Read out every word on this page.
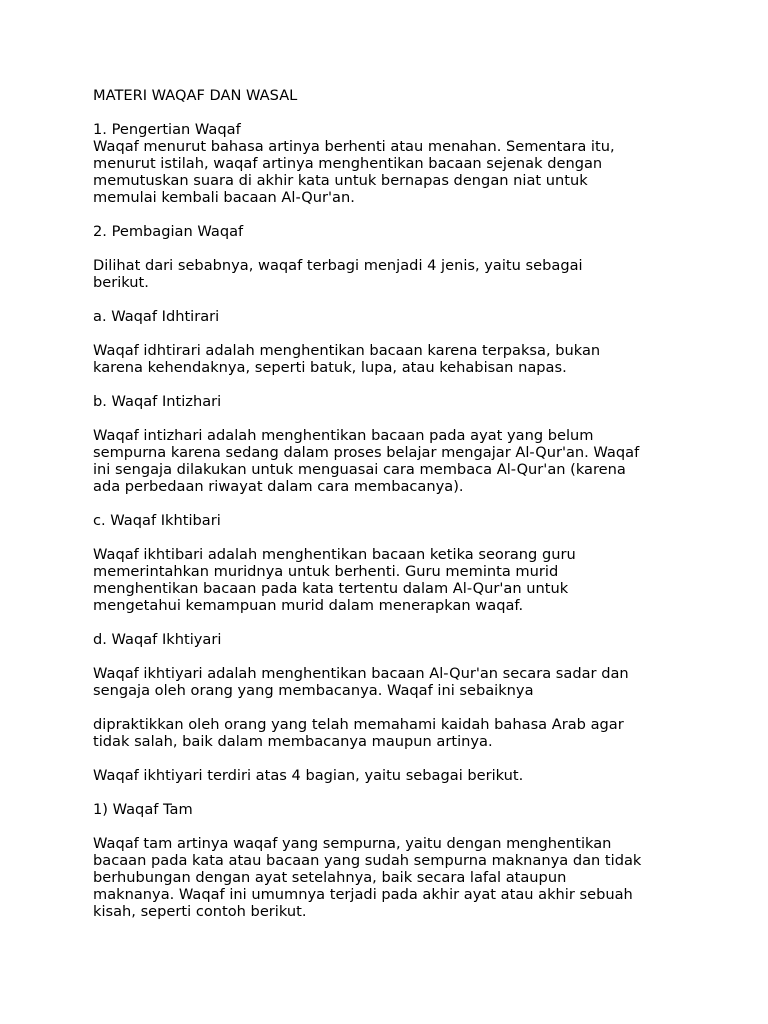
MATERI WAQAF DAN WASAL

1. Pengertian Waqaf
Waqaf menurut bahasa artinya berhenti atau menahan. Sementara itu,
menurut istilah, waqaf artinya menghentikan bacaan sejenak dengan
memutuskan suara di akhir kata untuk bernapas dengan niat untuk
memulai kembali bacaan Al-Qur'an.

2. Pembagian Waqaf

Dilihat dari sebabnya, waqaf terbagi menjadi 4 jenis, yaitu sebagai
berikut.

a. Waqaf Idhtirari

Waqaf idhtirari adalah menghentikan bacaan karena terpaksa, bukan
karena kehendaknya, seperti batuk, lupa, atau kehabisan napas.

b. Waqaf Intizhari

Waqaf intizhari adalah menghentikan bacaan pada ayat yang belum
sempurna karena sedang dalam proses belajar mengajar Al-Qur'an. Waqaf
ini sengaja dilakukan untuk menguasai cara membaca Al-Qur'an (karena
ada perbedaan riwayat dalam cara membacanya).

c. Waqaf Ikhtibari

Waqaf ikhtibari adalah menghentikan bacaan ketika seorang guru
memerintahkan muridnya untuk berhenti. Guru meminta murid
menghentikan bacaan pada kata tertentu dalam Al-Qur'an untuk
mengetahui kemampuan murid dalam menerapkan waqaf.

d. Waqaf Ikhtiyari

Waqaf ikhtiyari adalah menghentikan bacaan Al-Qur'an secara sadar dan
sengaja oleh orang yang membacanya. Waqaf ini sebaiknya

dipraktikkan oleh orang yang telah memahami kaidah bahasa Arab agar
tidak salah, baik dalam membacanya maupun artinya.

Waqaf ikhtiyari terdiri atas 4 bagian, yaitu sebagai berikut.

1) Waqaf Tam

Waqaf tam artinya waqaf yang sempurna, yaitu dengan menghentikan
bacaan pada kata atau bacaan yang sudah sempurna maknanya dan tidak
berhubungan dengan ayat setelahnya, baik secara lafal ataupun
maknanya. Waqaf ini umumnya terjadi pada akhir ayat atau akhir sebuah
kisah, seperti contoh berikut.
